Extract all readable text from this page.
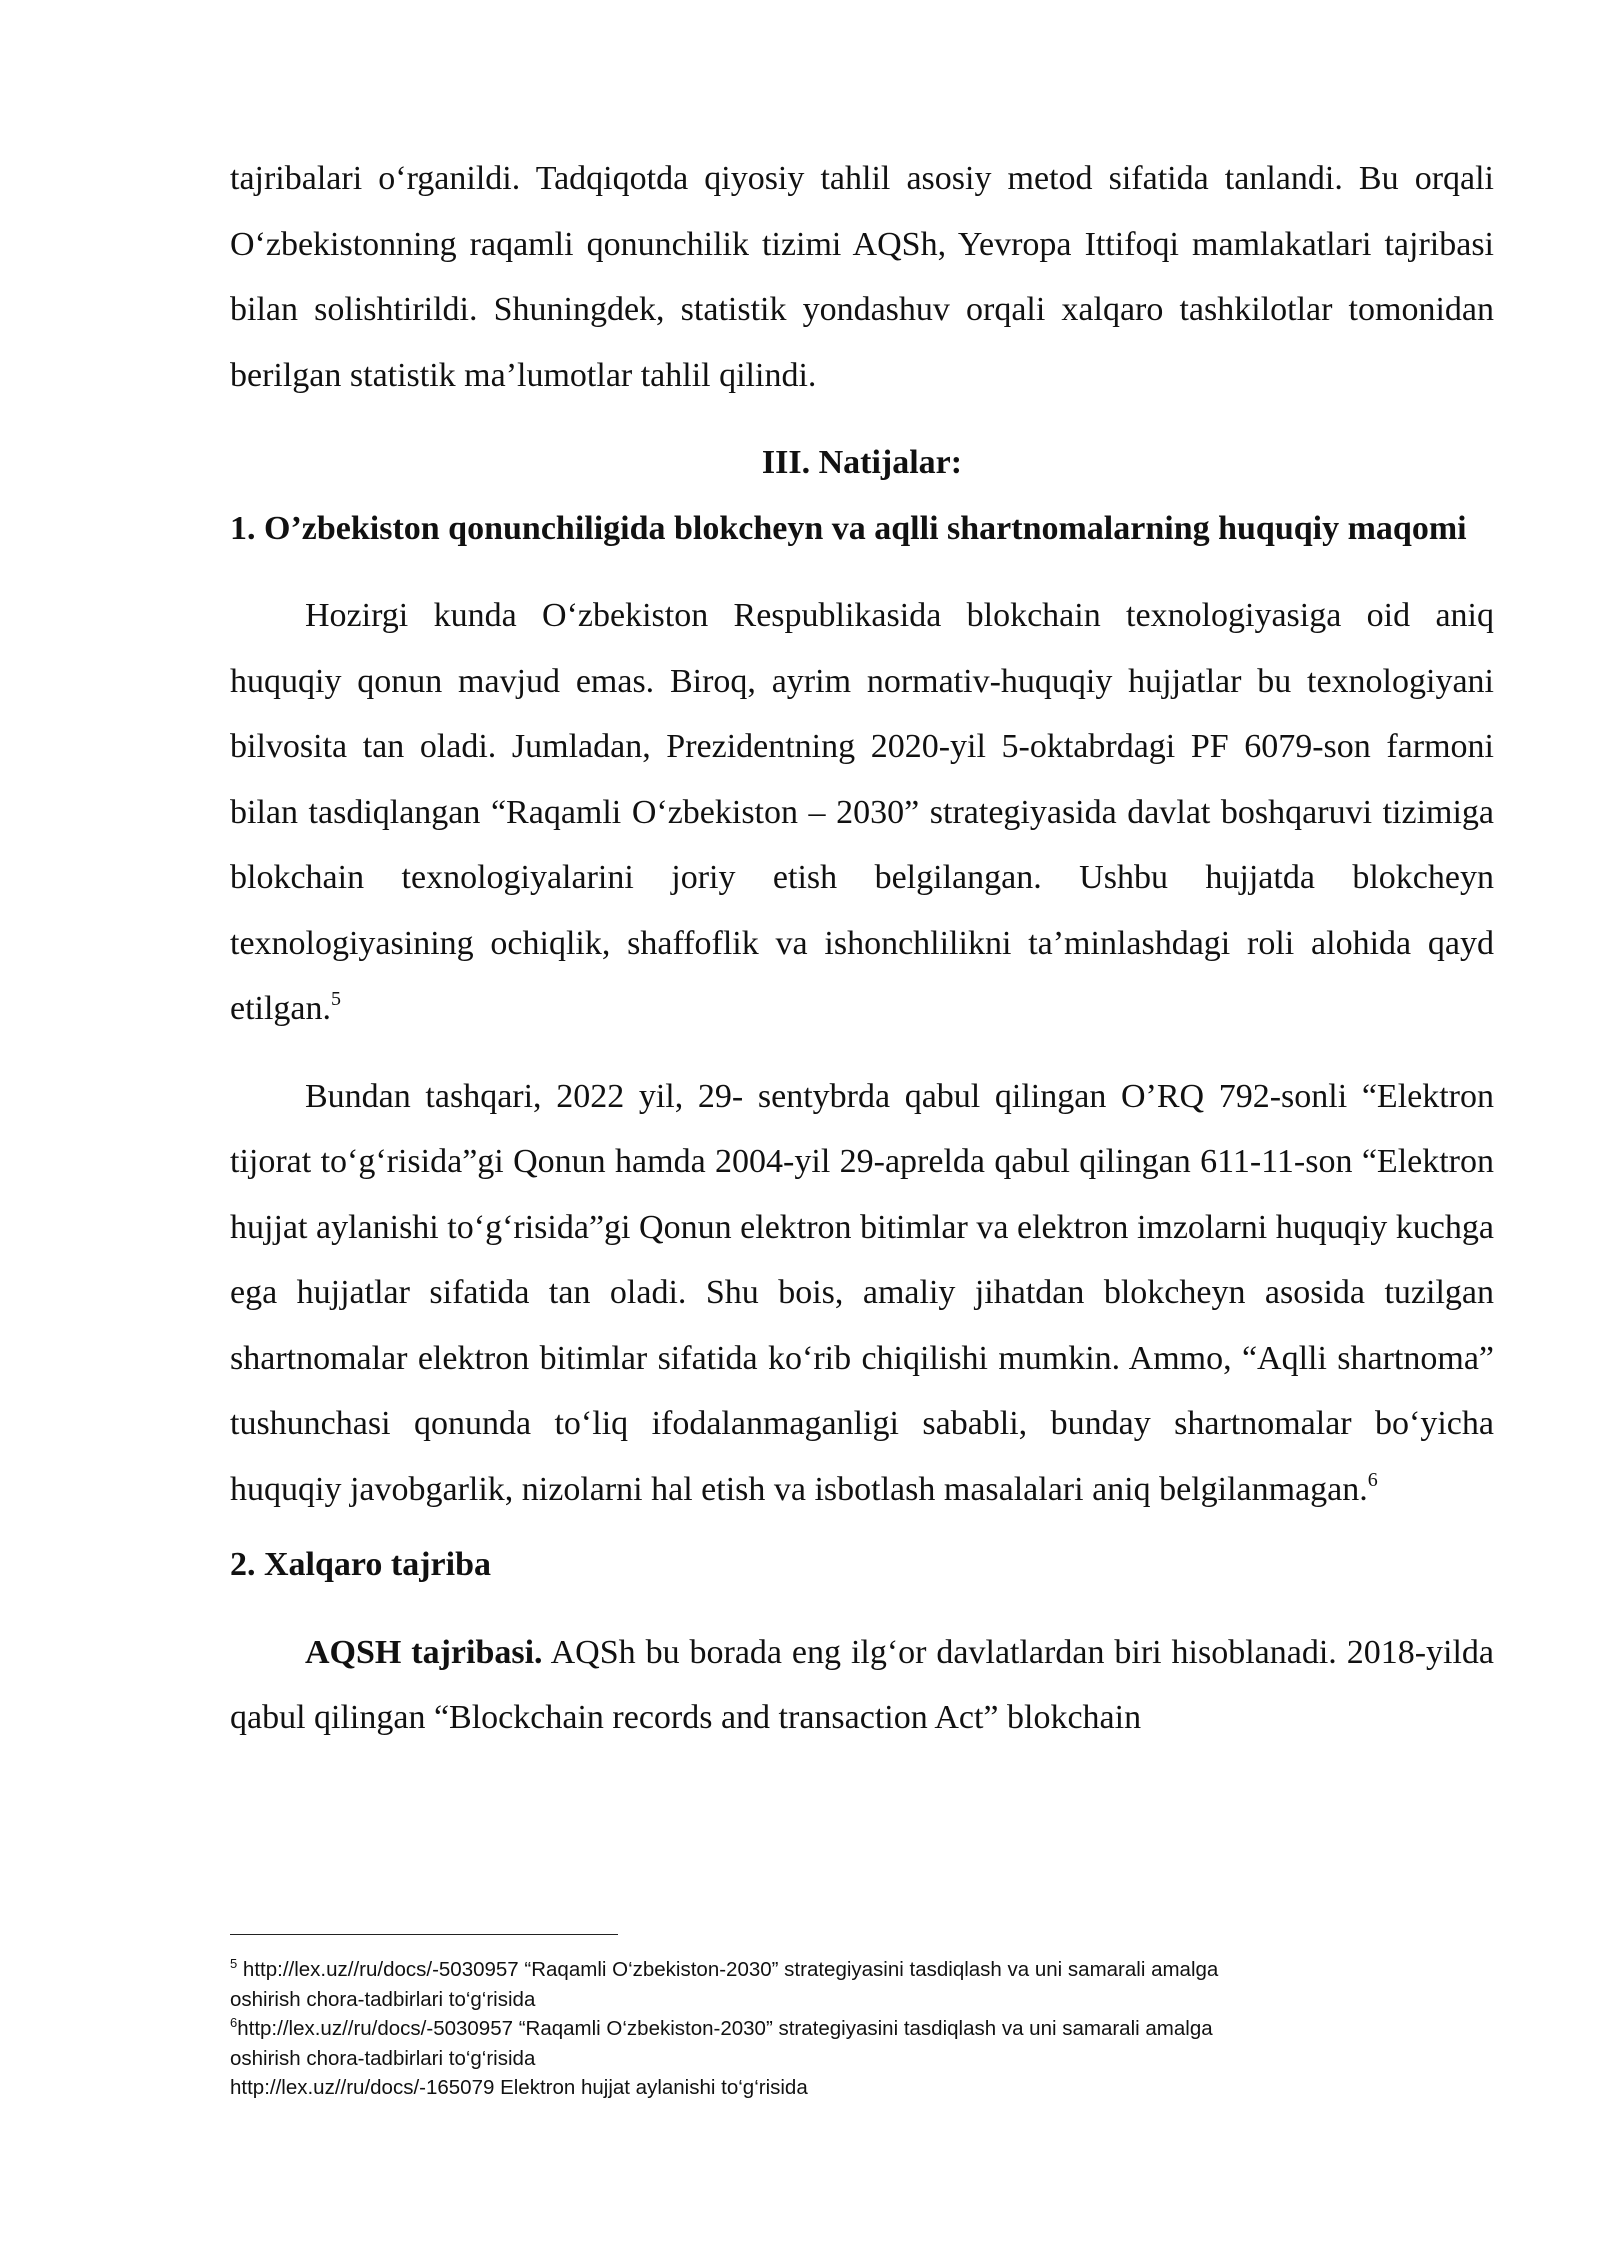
tajribalari o‘rganildi. Tadqiqotda qiyosiy tahlil asosiy metod sifatida tanlandi. Bu orqali O‘zbekistonning raqamli qonunchilik tizimi AQSh, Yevropa Ittifoqi mamlakatlari tajribasi bilan solishtirildi. Shuningdek, statistik yondashuv orqali xalqaro tashkilotlar tomonidan berilgan statistik ma’lumotlar tahlil qilindi.

III. Natijalar:

1. O’zbekiston qonunchiligida blokcheyn va aqlli shartnomalarning huquqiy maqomi

Hozirgi kunda O‘zbekiston Respublikasida blokchain texnologiyasiga oid aniq huquqiy qonun mavjud emas. Biroq, ayrim normativ-huquqiy hujjatlar bu texnologiyani bilvosita tan oladi. Jumladan, Prezidentning 2020-yil 5-oktabrdagi PF 6079-son farmoni bilan tasdiqlangan “Raqamli O‘zbekiston – 2030” strategiyasida davlat boshqaruvi tizimiga blokchain texnologiyalarini joriy etish belgilangan. Ushbu hujjatda blokcheyn texnologiyasining ochiqlik, shaffoflik va ishonchlilikni ta’minlashdagi roli alohida qayd etilgan.$^5$

Bundan tashqari, 2022 yil, 29- sentybrda qabul qilingan O’RQ 792-sonli “Elektron tijorat to‘g‘risida”gi Qonun hamda 2004-yil 29-aprelda qabul qilingan 611-11-son “Elektron hujjat aylanishi to‘g‘risida”gi Qonun elektron bitimlar va elektron imzolarni huquqiy kuchga ega hujjatlar sifatida tan oladi. Shu bois, amaliy jihatdan blokcheyn asosida tuzilgan shartnomalar elektron bitimlar sifatida ko‘rib chiqilishi mumkin. Ammo, “Aqlli shartnoma” tushunchasi qonunda to‘liq ifodalanmaganligi sababli, bunday shartnomalar bo‘yicha huquqiy javobgarlik, nizolarni hal etish va isbotlash masalalari aniq belgilanmagan.$^6$

2. Xalqaro tajriba

AQSH tajribasi. AQSh bu borada eng ilg‘or davlatlardan biri hisoblanadi. 2018-yilda qabul qilingan “Blockchain records and transaction Act” blokchain

$^5$ http://lex.uz//ru/docs/-5030957 “Raqamli O‘zbekiston-2030” strategiyasini tasdiqlash va uni samarali amalga

oshirish chora-tadbirlari to‘g‘risida

$^6$http://lex.uz//ru/docs/-5030957 “Raqamli O‘zbekiston-2030” strategiyasini tasdiqlash va uni samarali amalga

oshirish chora-tadbirlari to‘g‘risida

http://lex.uz//ru/docs/-165079 Elektron hujjat aylanishi to‘g‘risida
